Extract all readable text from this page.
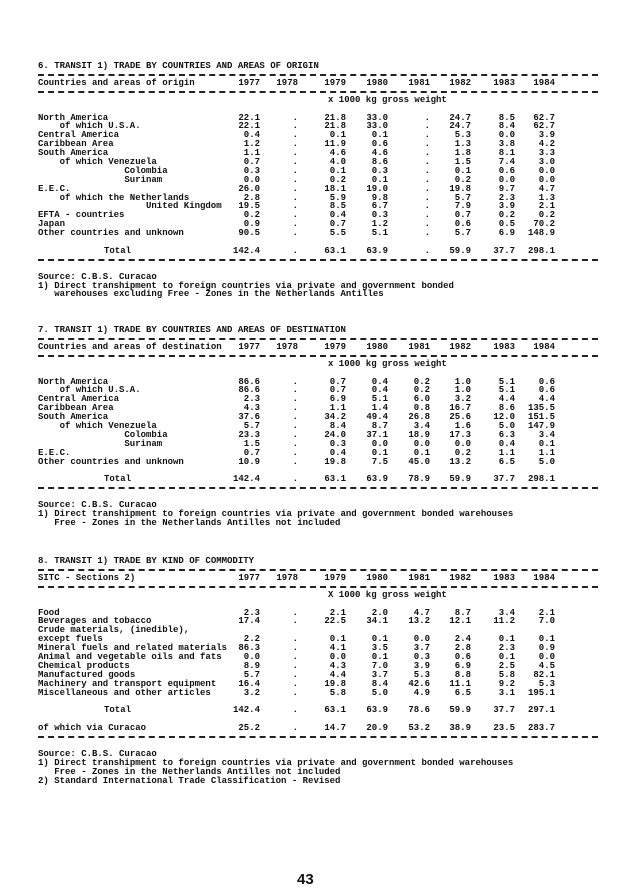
6. TRANSIT 1) TRADE BY COUNTRIES AND AREAS OF ORIGIN
Countries and areas of origin	1977	1978	1979	1980	1981	1982	1983	1984
x 1000 kg gross weight
North America	22.1	.	21.8	33.0	.	24.7	8.5	62.7
of which U.S.A.	22.1	.	21.8	33.0	.	24.7	8.4	62.7
Central America	0.4	.	0.1	0.1	.	5.3	0.0	3.9
Caribbean Area	1.2	.	11.9	0.6	.	1.3	3.8	4.2
South America	1.1	.	4.6	4.6	.	1.8	8.1	3.3
of which Venezuela	0.7	.	4.0	8.6	.	1.5	7.4	3.0
Colombia	0.3	.	0.1	0.3	.	0.1	0.6	0.0
Surinam	0.0	.	0.2	0.1	.	0.2	0.0	0.0
E.E.C.	26.0	.	18.1	19.0	.	19.8	9.7	4.7
of which the Netherlands	2.8	.	5.9	9.8	.	5.7	2.3	1.3
United Kingdom	19.5	.	8.5	6.7	.	7.9	3.9	2.1
EFTA - countries	0.2	.	0.4	0.3	.	0.7	0.2	0.2
Japan	0.9	.	0.7	1.2	.	0.6	0.5	70.2
Other countries and unknown	90.5	.	5.5	5.1	.	5.7	6.9	148.9
Total	142.4	.	63.1	63.9	.	59.9	37.7	298.1
Source: C.B.S. Curacao
1) Direct transhipment to foreign countries via private and government bonded
warehouses excluding Free - Zones in the Netherlands Antilles
7. TRANSIT 1) TRADE BY COUNTRIES AND AREAS OF DESTINATION
Countries and areas of destination	1977	1978	1979	1980	1981	1982	1983	1984
x 1000 kg gross weight
North America	86.6	.	0.7	0.4	0.2	1.0	5.1	0.6
of which U.S.A.	86.6	.	0.7	0.4	0.2	1.0	5.1	0.6
Central America	2.3	.	6.9	5.1	6.0	3.2	4.4	4.4
Caribbean Area	4.3	.	1.1	1.4	0.8	16.7	8.6	135.5
South America	37.6	.	34.2	49.4	26.8	25.6	12.0	151.5
of which Venezuela	5.7	.	8.4	8.7	3.4	1.6	5.0	147.9
Colombia	23.3	.	24.0	37.1	18.9	17.3	6.3	3.4
Surinam	1.5	.	0.3	0.0	0.0	0.0	0.4	0.1
E.E.C.	0.7	.	0.4	0.1	0.1	0.2	1.1	1.1
Other countries and unknown	10.9	.	19.8	7.5	45.0	13.2	6.5	5.0
Total	142.4	.	63.1	63.9	78.9	59.9	37.7	298.1
Source: C.B.S. Curacao
1) Direct transhipment to foreign countries via private and government bonded warehouses
Free - Zones in the Netherlands Antilles not included
8. TRANSIT 1) TRADE BY KIND OF COMMODITY
SITC - Sections 2)	1977	1978	1979	1980	1981	1982	1983	1984
X 1000 kg gross weight
Food	2.3	.	2.1	2.0	4.7	8.7	3.4	2.1
Beverages and tobacco	17.4	.	22.5	34.1	13.2	12.1	11.2	7.0
Crude materials, (inedible),
except fuels	2.2	.	0.1	0.1	0.0	2.4	0.1	0.1
Mineral fuels and related materials	86.3	.	4.1	3.5	3.7	2.8	2.3	0.9
Animal and vegetable oils and fats	0.0	.	0.0	0.1	0.3	0.6	0.1	0.0
Chemical products	8.9	.	4.3	7.0	3.9	6.9	2.5	4.5
Manufactured goods	5.7	.	4.4	3.7	5.3	8.8	5.8	82.1
Machinery and transport equipment	16.4	.	19.8	8.4	42.6	11.1	9.2	5.3
Miscellaneous and other articles	3.2	.	5.8	5.0	4.9	6.5	3.1	195.1
Total	142.4	.	63.1	63.9	78.6	59.9	37.7	297.1
of which via Curacao	25.2	.	14.7	20.9	53.2	38.9	23.5	283.7
Source: C.B.S. Curacao
1) Direct transhipment to foreign countries via private and government bonded warehouses
Free - Zones in the Netherlands Antilles not included
2) Standard International Trade Classification - Revised
43
